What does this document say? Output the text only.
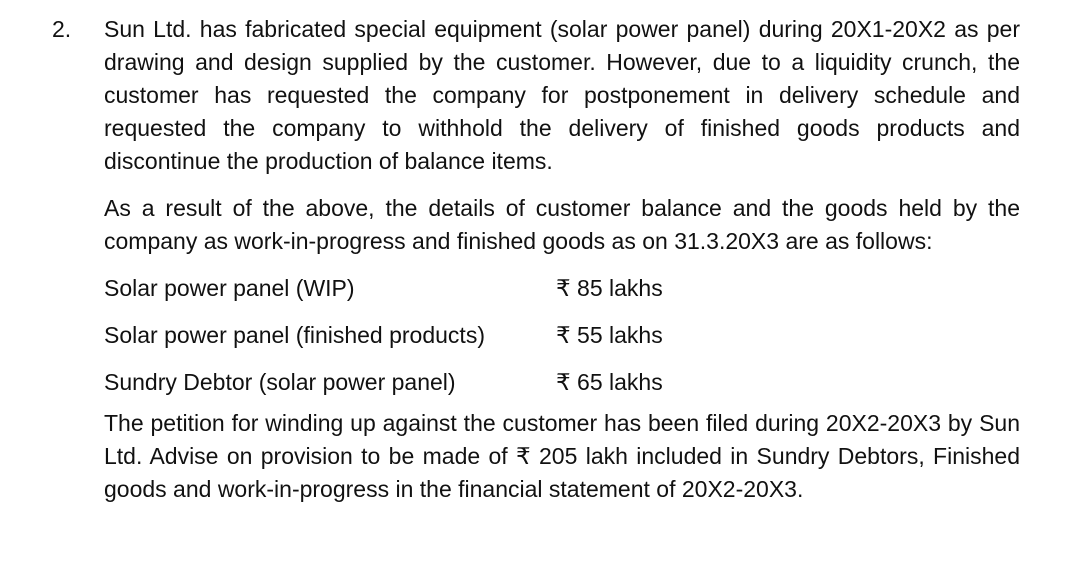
2. Sun Ltd. has fabricated special equipment (solar power panel) during 20X1-20X2 as per drawing and design supplied by the customer. However, due to a liquidity crunch, the customer has requested the company for postponement in delivery schedule and requested the company to withhold the delivery of finished goods products and discontinue the production of balance items.

As a result of the above, the details of customer balance and the goods held by the company as work-in-progress and finished goods as on 31.3.20X3 are as follows:

Solar power panel (WIP)	₹ 85 lakhs
Solar power panel (finished products)	₹ 55 lakhs
Sundry Debtor (solar power panel)	₹ 65 lakhs

The petition for winding up against the customer has been filed during 20X2-20X3 by Sun Ltd. Advise on provision to be made of ₹ 205 lakh included in Sundry Debtors, Finished goods and work-in-progress in the financial statement of 20X2-20X3.
